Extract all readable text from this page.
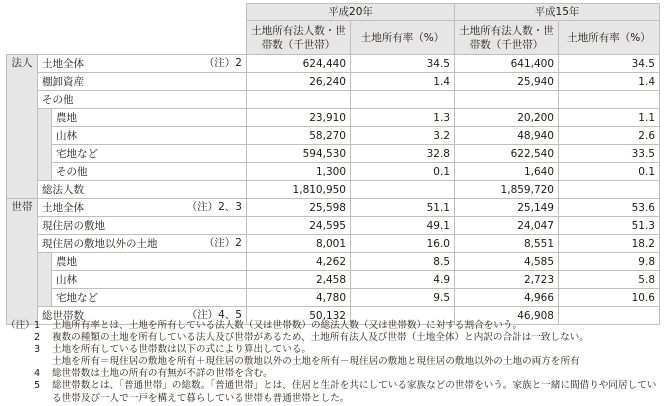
			平成20年		平成15年	
			土地所有法人数・世帯数（千世帯）	土地所有率（%）	土地所有法人数・世帯数（千世帯）	土地所有率（%）
法人	土地全体 （注）2		624,440	34.5	641,400	34.5
	棚卸資産		26,240	1.4	25,940	1.4
	その他					
		農地	23,910	1.3	20,200	1.1
		山林	58,270	3.2	48,940	2.6
		宅地など	594,530	32.8	622,540	33.5
		その他	1,300	0.1	1,640	0.1
	総法人数		1,810,950		1,859,720	
世帯	土地全体 （注）2、3		25,598	51.1	25,149	53.6
	現住居の敷地		24,595	49.1	24,047	51.3
	現住居の敷地以外の土地 （注）2		8,001	16.0	8,551	18.2
		農地	4,262	8.5	4,585	9.8
		山林	2,458	4.9	2,723	5.8
		宅地など	4,780	9.5	4,966	10.6
	総世帯数 （注）4、5		50,132		46,908	
（注） 1	土地所有率とは、土地を所有している法人数（又は世帯数）の総法人数（又は世帯数）に対する割合をいう。
2	複数の種類の土地を所有している法人及び世帯があるため、土地所有法人及び世帯（土地全体）と内訳の合計は一致しない。
3	土地を所有している世帯数は以下の式により算出している。
土地を所有＝現住居の敷地を所有＋現住居の敷地以外の土地を所有－現住居の敷地と現住居の敷地以外の土地の両方を所有
4	総世帯数は土地の所有の有無が不詳の世帯を含む。
5	総世帯数とは、「普通世帯」の総数。「普通世帯」とは、住居と生計を共にしている家族などの世帯をいう。家族と一緒に間借りや同居している世帯及び一人で一戸を構えて暮らしている世帯も普通世帯とした。
